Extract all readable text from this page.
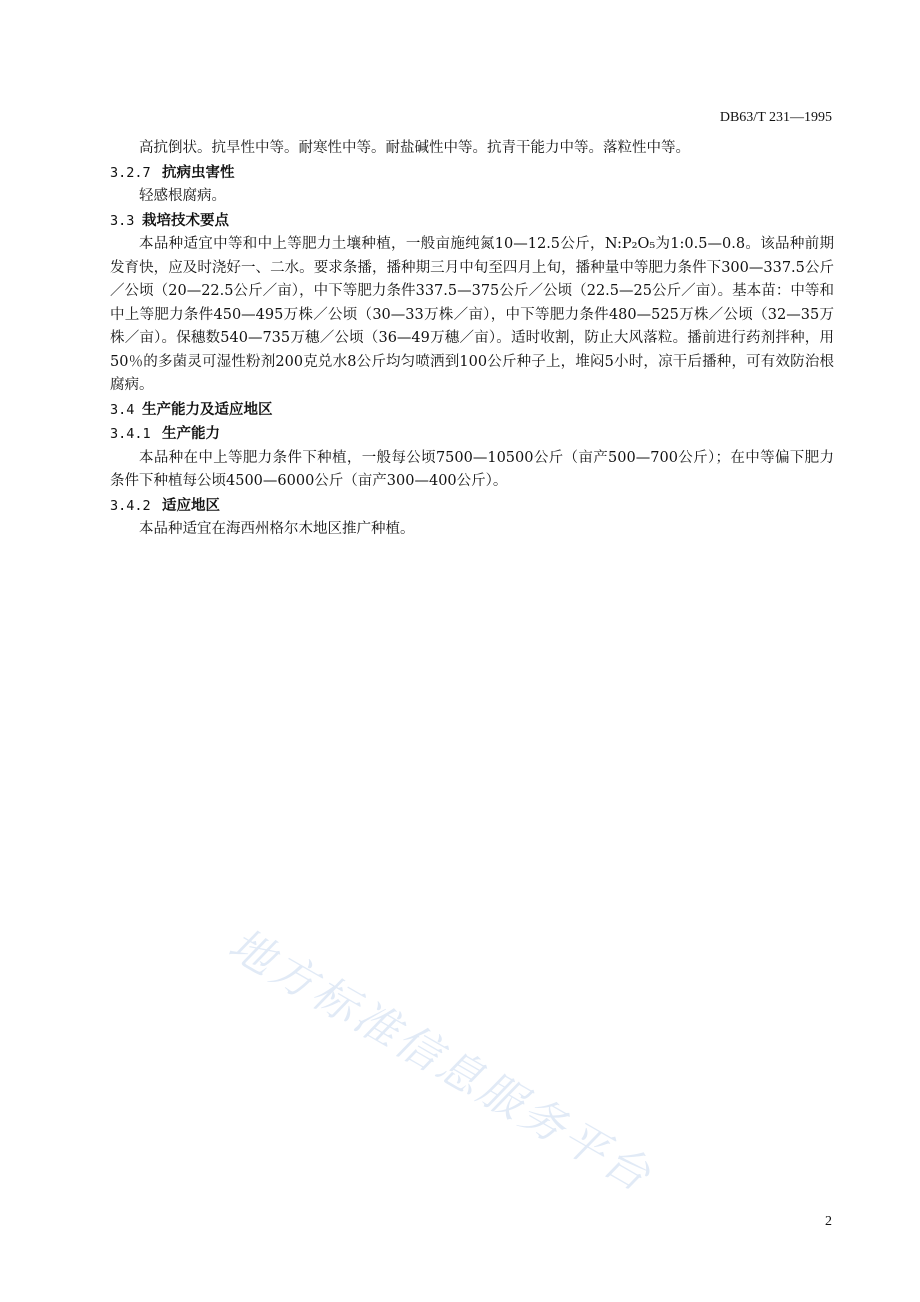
DB63/T 231—1995

高抗倒状。抗旱性中等。耐寒性中等。耐盐碱性中等。抗青干能力中等。落粒性中等。

3.2.7 抗病虫害性

轻感根腐病。

3.3 栽培技术要点

本品种适宜中等和中上等肥力土壤种植，一般亩施纯氮10—12.5公斤，N:P₂O₅为1:0.5—0.8。该品种前期发育快，应及时浇好一、二水。要求条播，播种期三月中旬至四月上旬，播种量中等肥力条件下300—337.5公斤／公顷（20—22.5公斤／亩），中下等肥力条件337.5—375公斤／公顷（22.5—25公斤／亩）。基本苗：中等和中上等肥力条件450—495万株／公顷（30—33万株／亩），中下等肥力条件480—525万株／公顷（32—35万株／亩）。保穗数540—735万穗／公顷（36—49万穗／亩）。适时收割，防止大风落粒。播前进行药剂拌种，用50％的多菌灵可湿性粉剂200克兑水8公斤均匀喷洒到100公斤种子上，堆闷5小时，凉干后播种，可有效防治根腐病。

3.4 生产能力及适应地区

3.4.1 生产能力

本品种在中上等肥力条件下种植，一般每公顷7500—10500公斤（亩产500—700公斤）；在中等偏下肥力条件下种植每公顷4500—6000公斤（亩产300—400公斤）。

3.4.2 适应地区

本品种适宜在海西州格尔木地区推广种植。

地方标准信息服务平台
2
